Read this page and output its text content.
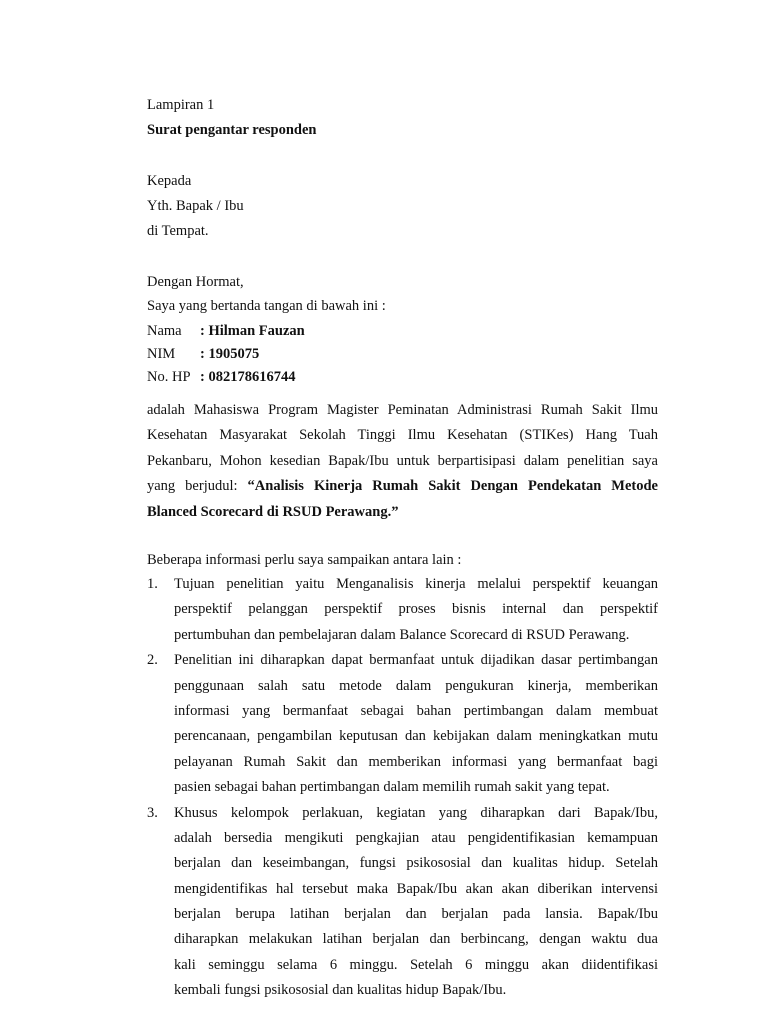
Lampiran 1
Surat pengantar responden
Kepada
Yth. Bapak / Ibu
di Tempat.
Dengan Hormat,
Saya yang bertanda tangan di bawah ini :
Nama : Hilman Fauzan
NIM : 1905075
No. HP : 082178616744
adalah Mahasiswa Program Magister Peminatan Administrasi Rumah Sakit Ilmu
Kesehatan Masyarakat Sekolah Tinggi Ilmu Kesehatan (STIKes) Hang Tuah
Pekanbaru, Mohon kesedian Bapak/Ibu untuk berpartisipasi dalam penelitian saya
yang berjudul: “Analisis Kinerja Rumah Sakit Dengan Pendekatan Metode
Blanced Scorecard di RSUD Perawang.”
Beberapa informasi perlu saya sampaikan antara lain :
1. Tujuan penelitian yaitu Menganalisis kinerja melalui perspektif keuangan
perspektif pelanggan perspektif proses bisnis internal dan perspektif
pertumbuhan dan pembelajaran dalam Balance Scorecard di RSUD Perawang.
2. Penelitian ini diharapkan dapat bermanfaat untuk dijadikan dasar pertimbangan
penggunaan salah satu metode dalam pengukuran kinerja, memberikan
informasi yang bermanfaat sebagai bahan pertimbangan dalam membuat
perencanaan, pengambilan keputusan dan kebijakan dalam meningkatkan mutu
pelayanan Rumah Sakit dan memberikan informasi yang bermanfaat bagi
pasien sebagai bahan pertimbangan dalam memilih rumah sakit yang tepat.
3. Khusus kelompok perlakuan, kegiatan yang diharapkan dari Bapak/Ibu,
adalah bersedia mengikuti pengkajian atau pengidentifikasian kemampuan
berjalan dan keseimbangan, fungsi psikososial dan kualitas hidup. Setelah
mengidentifikas hal tersebut maka Bapak/Ibu akan akan diberikan intervensi
berjalan berupa latihan berjalan dan berjalan pada lansia. Bapak/Ibu
diharapkan melakukan latihan berjalan dan berbincang, dengan waktu dua
kali seminggu selama 6 minggu. Setelah 6 minggu akan diidentifikasi
kembali fungsi psikososial dan kualitas hidup Bapak/Ibu.
